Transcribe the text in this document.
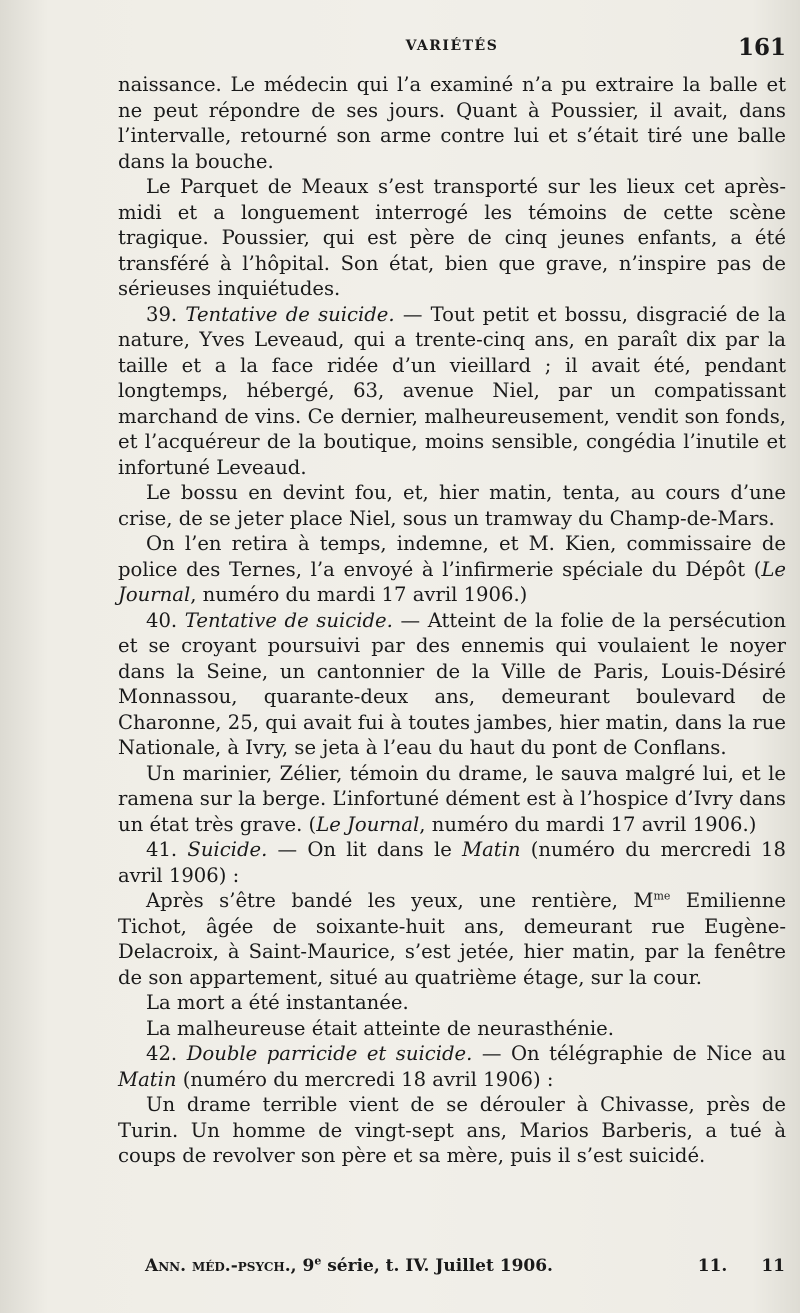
VARIÉTÉS	161

naissance. Le médecin qui l’a examiné n’a pu extraire la balle et ne peut répondre de ses jours. Quant à Poussier, il avait, dans l’intervalle, retourné son arme contre lui et s’était tiré une balle dans la bouche.

Le Parquet de Meaux s’est transporté sur les lieux cet après-midi et a longuement interrogé les témoins de cette scène tragique. Poussier, qui est père de cinq jeunes enfants, a été transféré à l’hôpital. Son état, bien que grave, n’inspire pas de sérieuses inquiétudes.

39. Tentative de suicide. — Tout petit et bossu, disgracié de la nature, Yves Leveaud, qui a trente-cinq ans, en paraît dix par la taille et a la face ridée d’un vieillard ; il avait été, pendant longtemps, hébergé, 63, avenue Niel, par un compatissant marchand de vins. Ce dernier, malheureusement, vendit son fonds, et l’acquéreur de la boutique, moins sensible, congédia l’inutile et infortuné Leveaud.

Le bossu en devint fou, et, hier matin, tenta, au cours d’une crise, de se jeter place Niel, sous un tramway du Champ-de-Mars.

On l’en retira à temps, indemne, et M. Kien, commissaire de police des Ternes, l’a envoyé à l’infirmerie spéciale du Dépôt (Le Journal, numéro du mardi 17 avril 1906.)

40. Tentative de suicide. — Atteint de la folie de la persécution et se croyant poursuivi par des ennemis qui voulaient le noyer dans la Seine, un cantonnier de la Ville de Paris, Louis-Désiré Monnassou, quarante-deux ans, demeurant boulevard de Charonne, 25, qui avait fui à toutes jambes, hier matin, dans la rue Nationale, à Ivry, se jeta à l’eau du haut du pont de Conflans.

Un marinier, Zélier, témoin du drame, le sauva malgré lui, et le ramena sur la berge. L’infortuné dément est à l’hospice d’Ivry dans un état très grave. (Le Journal, numéro du mardi 17 avril 1906.)

41. Suicide. — On lit dans le Matin (numéro du mercredi 18 avril 1906) :

Après s’être bandé les yeux, une rentière, $M^{me}$ Emilienne Tichot, âgée de soixante-huit ans, demeurant rue Eugène-Delacroix, à Saint-Maurice, s’est jetée, hier matin, par la fenêtre de son appartement, situé au quatrième étage, sur la cour.

La mort a été instantanée.

La malheureuse était atteinte de neurasthénie.

42. Double parricide et suicide. — On télégraphie de Nice au Matin (numéro du mercredi 18 avril 1906) :

Un drame terrible vient de se dérouler à Chivasse, près de Turin. Un homme de vingt-sept ans, Marios Barberis, a tué à coups de revolver son père et sa mère, puis il s’est suicidé.

Ann. méd.-psych., 9e série, t. IV. Juillet 1906.	11. 11
